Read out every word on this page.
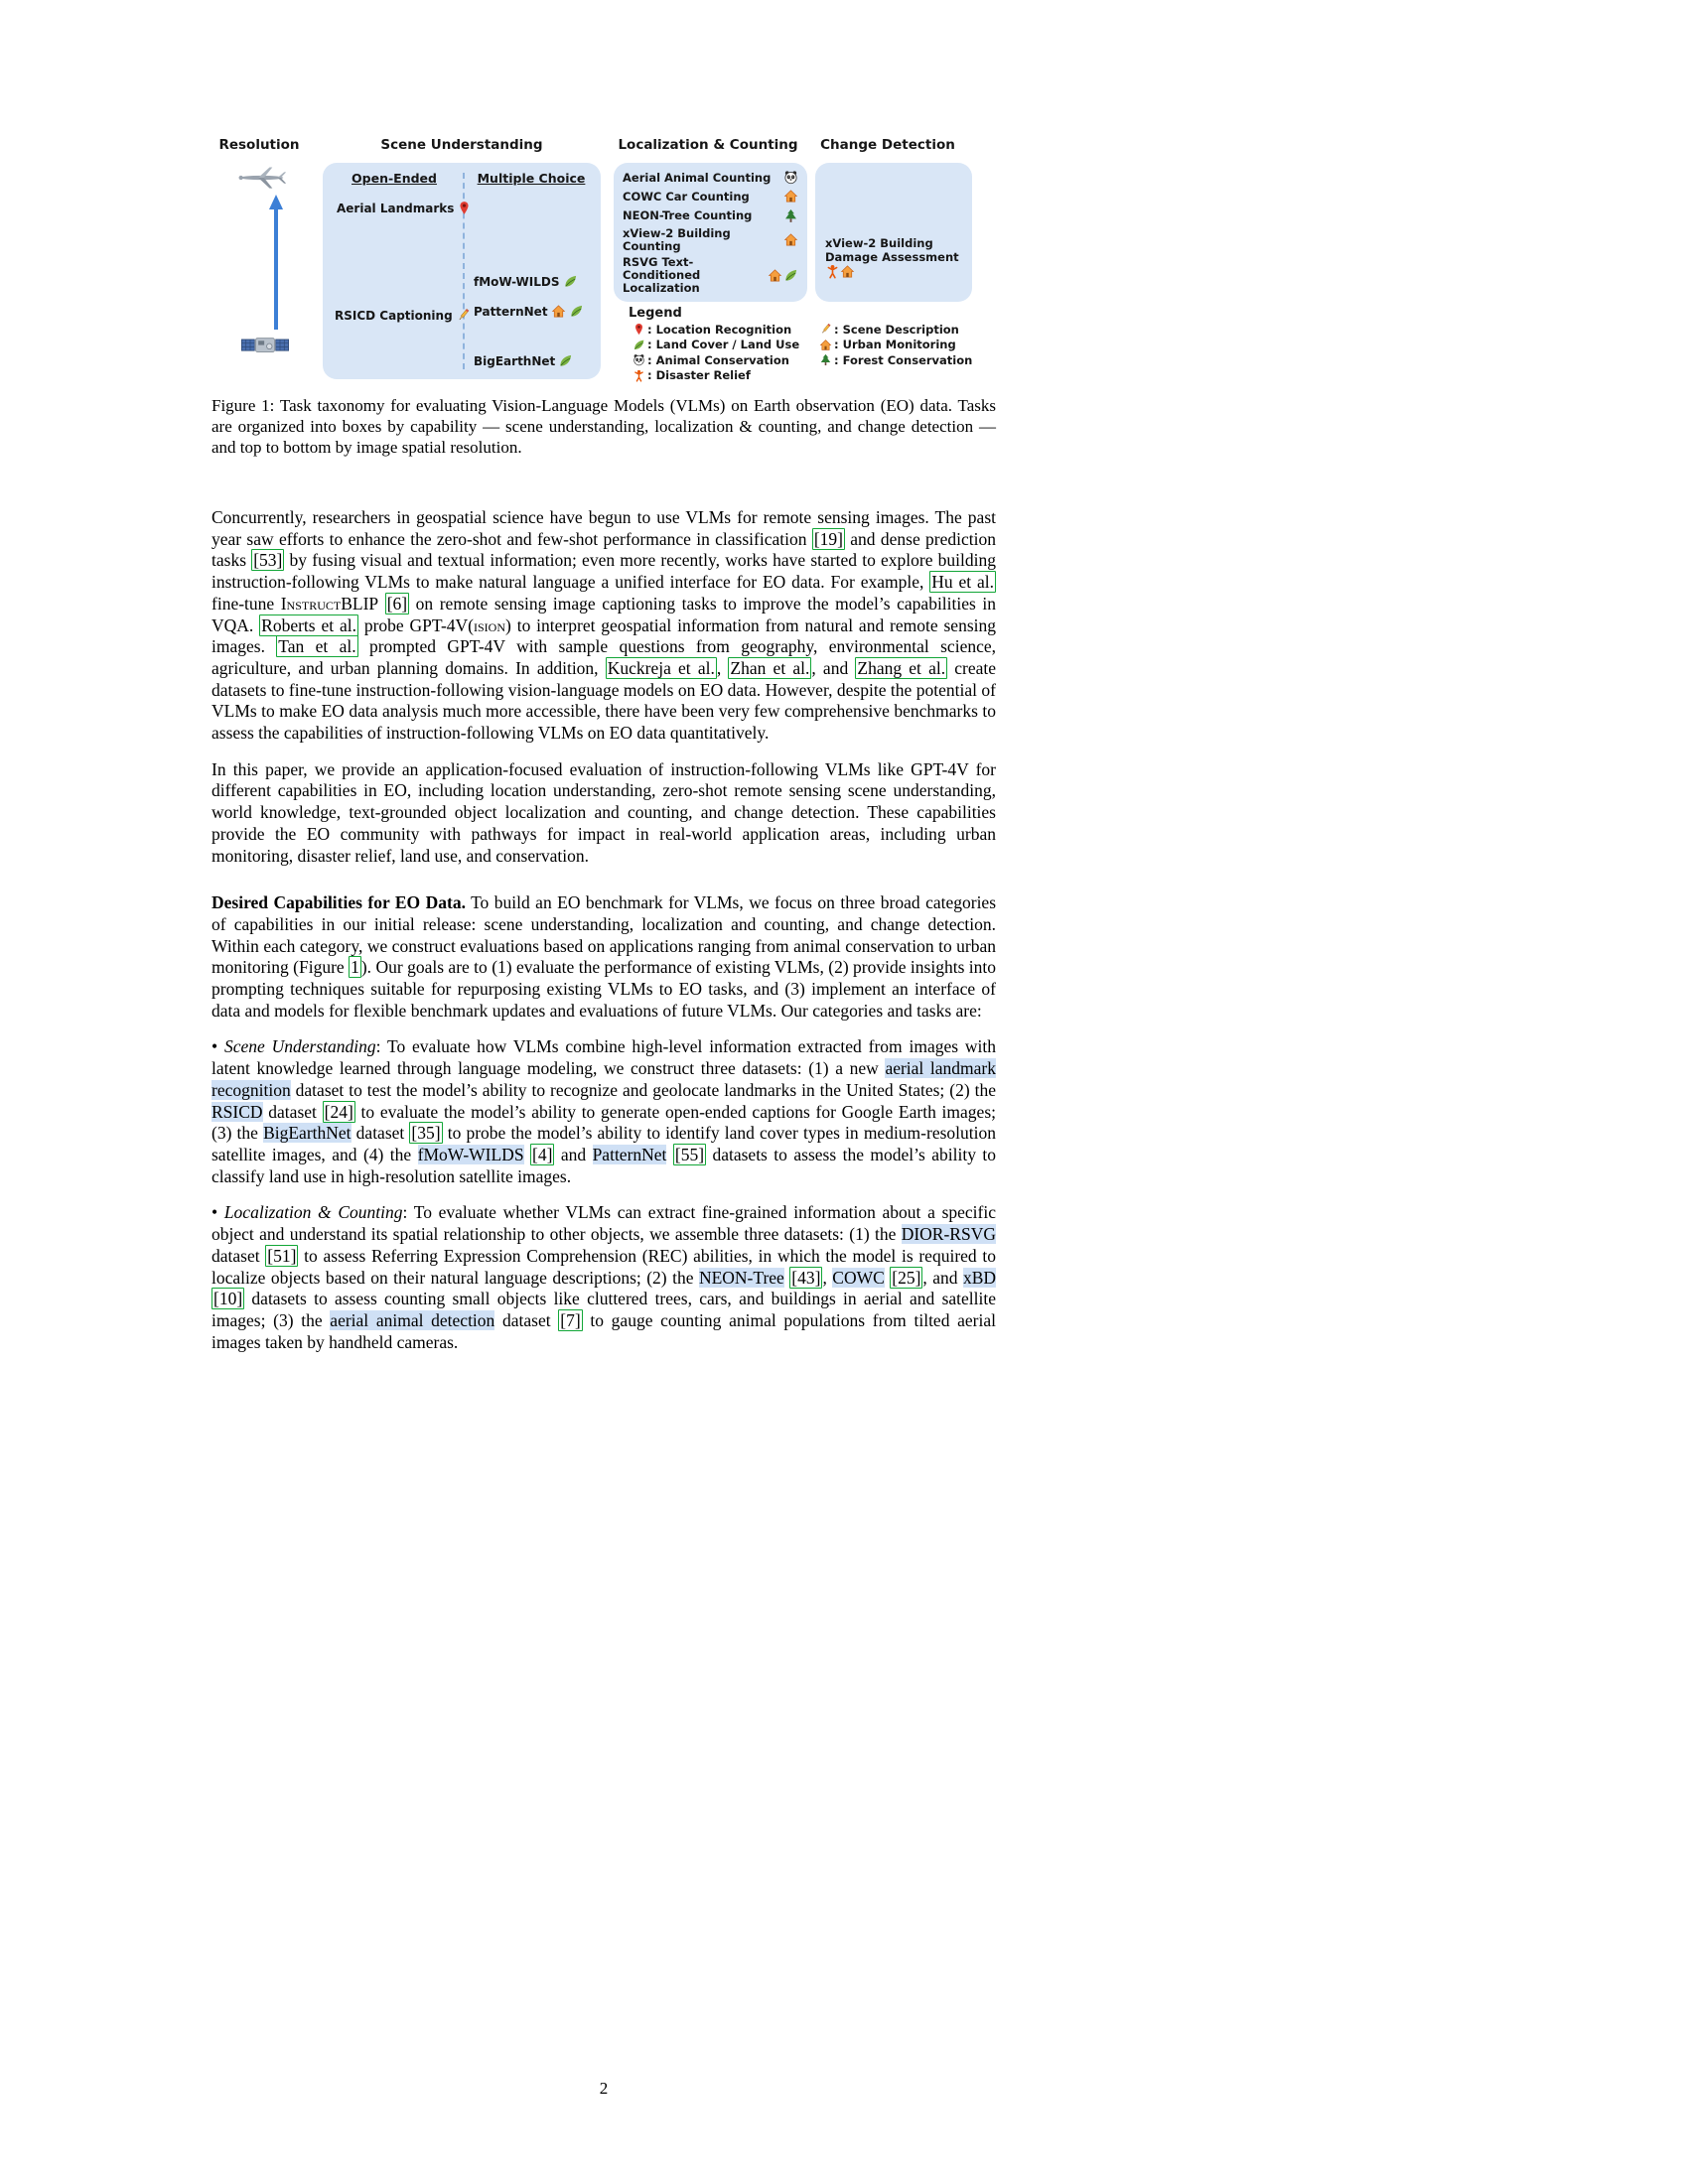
Resolution	Scene Understanding	Localization & Counting	Change Detection
Open-Ended	Multiple Choice
Aerial Landmarks
RSICD Captioning
fMoW-WILDS
PatternNet
BigEarthNet
Aerial Animal Counting
COWC Car Counting
NEON-Tree Counting
xView-2 Building Counting
RSVG Text-Conditioned Localization
xView-2 Building Damage Assessment
Legend
: Location Recognition
: Land Cover / Land Use
: Animal Conservation
: Disaster Relief
: Scene Description
: Urban Monitoring
: Forest Conservation
Figure 1: Task taxonomy for evaluating Vision-Language Models (VLMs) on Earth observation (EO) data. Tasks are organized into boxes by capability — scene understanding, localization & counting, and change detection — and top to bottom by image spatial resolution.

Concurrently, researchers in geospatial science have begun to use VLMs for remote sensing images. The past year saw efforts to enhance the zero-shot and few-shot performance in classification [19] and dense prediction tasks [53] by fusing visual and textual information; even more recently, works have started to explore building instruction-following VLMs to make natural language a unified interface for EO data. For example, Hu et al. fine-tune InstructBLIP [6] on remote sensing image captioning tasks to improve the model’s capabilities in VQA. Roberts et al. probe GPT-4V(ision) to interpret geospatial information from natural and remote sensing images. Tan et al. prompted GPT-4V with sample questions from geography, environmental science, agriculture, and urban planning domains. In addition, Kuckreja et al. , Zhan et al. , and Zhang et al. create datasets to fine-tune instruction-following vision-language models on EO data. However, despite the potential of VLMs to make EO data analysis much more accessible, there have been very few comprehensive benchmarks to assess the capabilities of instruction-following VLMs on EO data quantitatively.

In this paper, we provide an application-focused evaluation of instruction-following VLMs like GPT-4V for different capabilities in EO, including location understanding, zero-shot remote sensing scene understanding, world knowledge, text-grounded object localization and counting, and change detection. These capabilities provide the EO community with pathways for impact in real-world application areas, including urban monitoring, disaster relief, land use, and conservation.

Desired Capabilities for EO Data. To build an EO benchmark for VLMs, we focus on three broad categories of capabilities in our initial release: scene understanding, localization and counting, and change detection. Within each category, we construct evaluations based on applications ranging from animal conservation to urban monitoring (Figure 1 ). Our goals are to (1) evaluate the performance of existing VLMs, (2) provide insights into prompting techniques suitable for repurposing existing VLMs to EO tasks, and (3) implement an interface of data and models for flexible benchmark updates and evaluations of future VLMs. Our categories and tasks are:

• Scene Understanding: To evaluate how VLMs combine high-level information extracted from images with latent knowledge learned through language modeling, we construct three datasets: (1) a new aerial landmark recognition dataset to test the model’s ability to recognize and geolocate landmarks in the United States; (2) the RSICD dataset [24] to evaluate the model’s ability to generate open-ended captions for Google Earth images; (3) the BigEarthNet dataset [35] to probe the model’s ability to identify land cover types in medium-resolution satellite images, and (4) the fMoW-WILDS [4] and PatternNet [55] datasets to assess the model’s ability to classify land use in high-resolution satellite images.

• Localization & Counting: To evaluate whether VLMs can extract fine-grained information about a specific object and understand its spatial relationship to other objects, we assemble three datasets: (1) the DIOR-RSVG dataset [51] to assess Referring Expression Comprehension (REC) abilities, in which the model is required to localize objects based on their natural language descriptions; (2) the NEON-Tree [43] , COWC [25] , and xBD [10] datasets to assess counting small objects like cluttered trees, cars, and buildings in aerial and satellite images; (3) the aerial animal detection dataset [7] to gauge counting animal populations from tilted aerial images taken by handheld cameras.

2
